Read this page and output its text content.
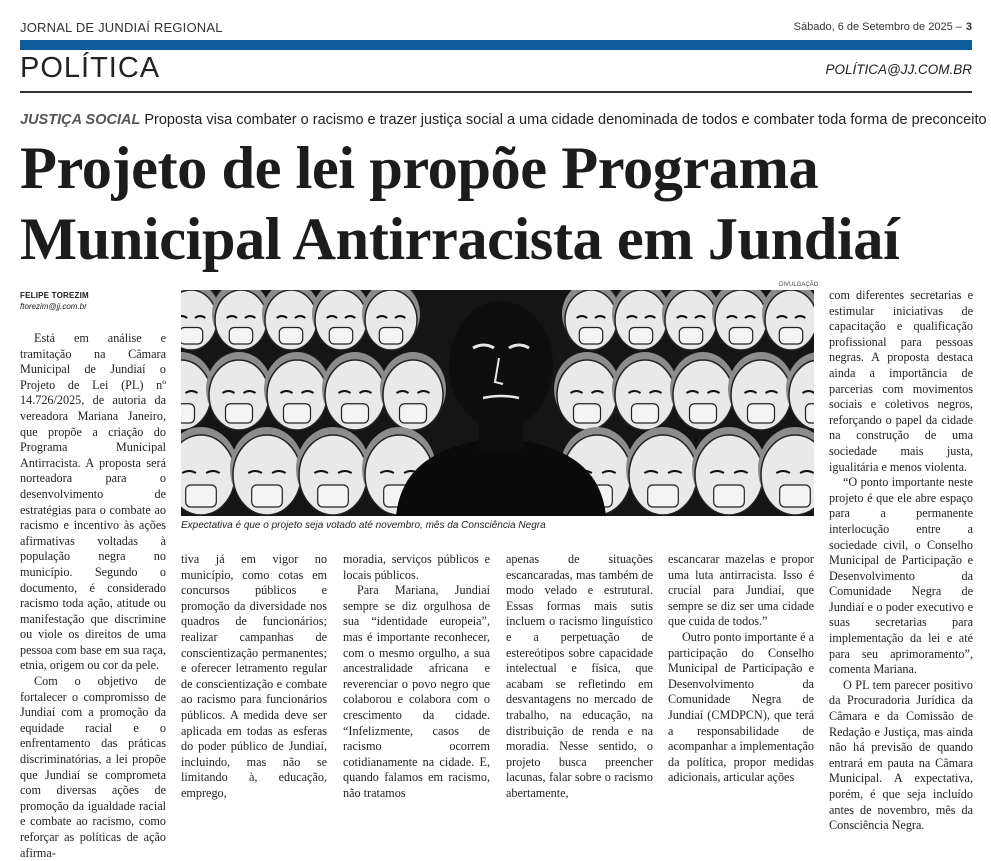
JORNAL DE JUNDIAÍ REGIONAL	Sábado, 6 de Setembro de 2025 – 3
POLÍTICA	POLÍTICA@JJ.COM.BR
JUSTIÇA SOCIAL Proposta visa combater o racismo e trazer justiça social a uma cidade denominada de todos e combater toda forma de preconceito
Projeto de lei propõe Programa
Municipal Antirracista em Jundiaí
FELIPE TOREZIM
ftorezim@jj.com.br
DIVULGAÇÃO
Expectativa é que o projeto seja votado até novembro, mês da Consciência Negra

Está em análise e tramitação na Câmara Municipal de Jundiaí o Projeto de Lei (PL) nº 14.726/2025, de autoria da vereadora Mariana Janeiro, que propõe a criação do Programa Municipal Antirracista. A proposta será norteadora para o desenvolvimento de estratégias para o combate ao racismo e incentivo às ações afirmativas voltadas à população negra no município. Segundo o documento, é considerado racismo toda ação, atitude ou manifestação que discrimine ou viole os direitos de uma pessoa com base em sua raça, etnia, origem ou cor da pele.

Com o objetivo de fortalecer o compromisso de Jundiaí com a promoção da equidade racial e o enfrentamento das práticas discriminatórias, a lei propõe que Jundiaí se comprometa com diversas ações de promoção da igualdade racial e combate ao racismo, como reforçar as políticas de ação afirma-

tiva já em vigor no município, como cotas em concursos públicos e promoção da diversidade nos quadros de funcionários; realizar campanhas de conscientização permanentes; e oferecer letramento regular de conscientização e combate ao racismo para funcionários públicos. A medida deve ser aplicada em todas as esferas do poder público de Jundiaí, incluindo, mas não se limitando à, educação, emprego,

moradia, serviços públicos e locais públicos.

Para Mariana, Jundiaí sempre se diz orgulhosa de sua “identidade europeia”, mas é importante reconhecer, com o mesmo orgulho, a sua ancestralidade africana e reverenciar o povo negro que colaborou e colabora com o crescimento da cidade. “Infelizmente, casos de racismo ocorrem cotidianamente na cidade. E, quando falamos em racismo, não tratamos

apenas de situações escancaradas, mas também de modo velado e estrutural. Essas formas mais sutis incluem o racismo linguístico e a perpetuação de estereótipos sobre capacidade intelectual e física, que acabam se refletindo em desvantagens no mercado de trabalho, na educação, na distribuição de renda e na moradia. Nesse sentido, o projeto busca preencher lacunas, falar sobre o racismo abertamente,

escancarar mazelas e propor uma luta antirracista. Isso é crucial para Jundiaí, que sempre se diz ser uma cidade que cuida de todos.”

Outro ponto importante é a participação do Conselho Municipal de Participação e Desenvolvimento da Comunidade Negra de Jundiaí (CMDPCN), que terá a responsabilidade de acompanhar a implementação da política, propor medidas adicionais, articular ações

com diferentes secretarias e estimular iniciativas de capacitação e qualificação profissional para pessoas negras. A proposta destaca ainda a importância de parcerias com movimentos sociais e coletivos negros, reforçando o papel da cidade na construção de uma sociedade mais justa, igualitária e menos violenta.

“O ponto importante neste projeto é que ele abre espaço para a permanente interlocução entre a sociedade civil, o Conselho Municipal de Participação e Desenvolvimento da Comunidade Negra de Jundiaí e o poder executivo e suas secretarias para implementação da lei e até para seu aprimoramento”, comenta Mariana.

O PL tem parecer positivo da Procuradoria Jurídica da Câmara e da Comissão de Redação e Justiça, mas ainda não há previsão de quando entrará em pauta na Câmara Municipal. A expectativa, porém, é que seja incluído antes de novembro, mês da Consciência Negra.
